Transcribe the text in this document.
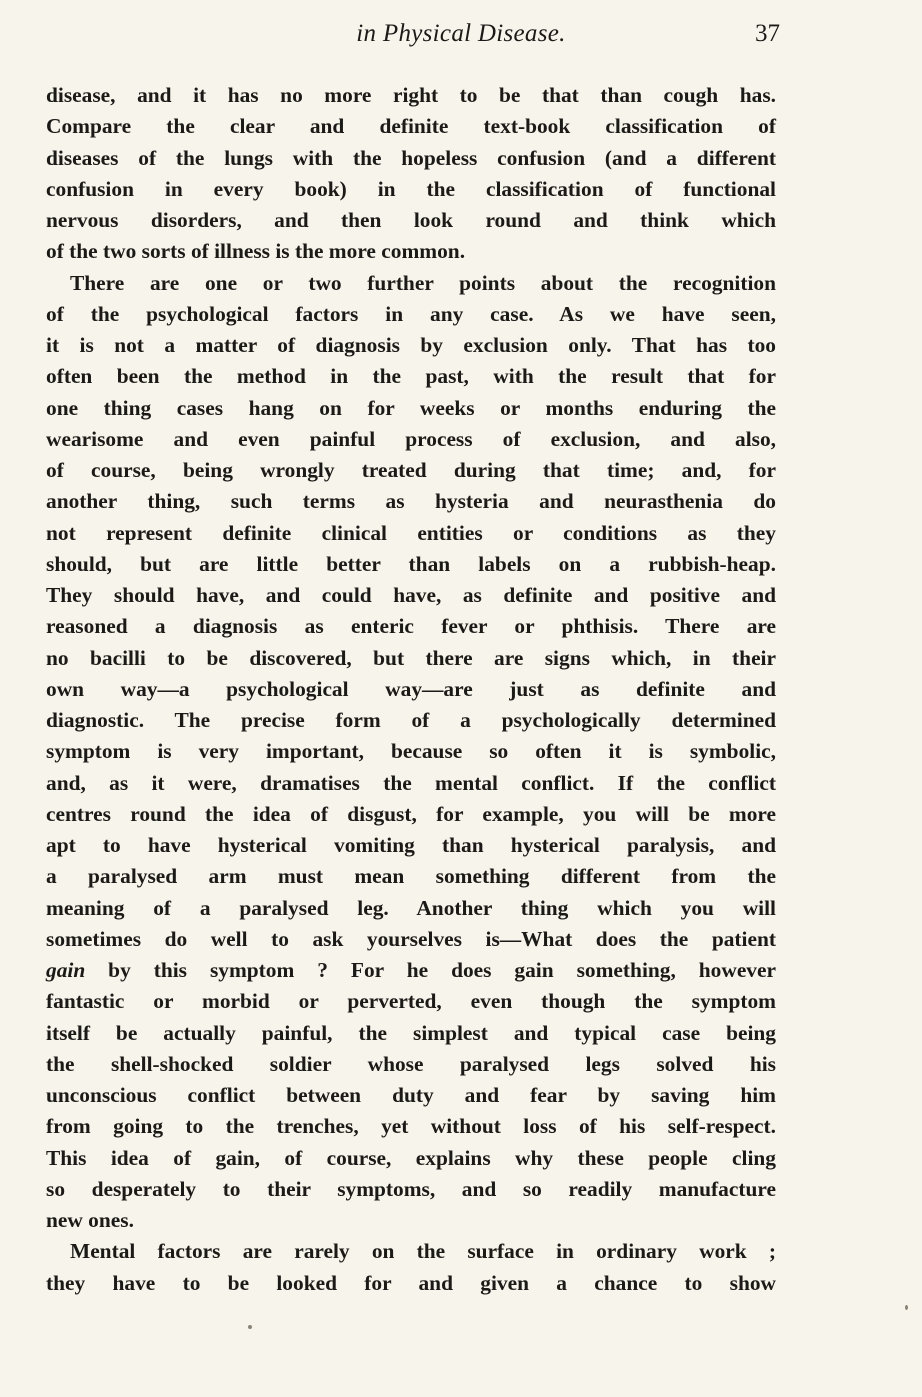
in Physical Disease.	37
disease, and it has no more right to be that than cough has.
Compare the clear and definite text-book classification of
diseases of the lungs with the hopeless confusion (and a different
confusion in every book) in the classification of functional
nervous disorders, and then look round and think which
of the two sorts of illness is the more common.
There are one or two further points about the recognition
of the psychological factors in any case. As we have seen,
it is not a matter of diagnosis by exclusion only. That has too
often been the method in the past, with the result that for
one thing cases hang on for weeks or months enduring the
wearisome and even painful process of exclusion, and also,
of course, being wrongly treated during that time; and, for
another thing, such terms as hysteria and neurasthenia do
not represent definite clinical entities or conditions as they
should, but are little better than labels on a rubbish-heap.
They should have, and could have, as definite and positive and
reasoned a diagnosis as enteric fever or phthisis. There are
no bacilli to be discovered, but there are signs which, in their
own way—a psychological way—are just as definite and
diagnostic. The precise form of a psychologically determined
symptom is very important, because so often it is symbolic,
and, as it were, dramatises the mental conflict. If the conflict
centres round the idea of disgust, for example, you will be more
apt to have hysterical vomiting than hysterical paralysis, and
a paralysed arm must mean something different from the
meaning of a paralysed leg. Another thing which you will
sometimes do well to ask yourselves is—What does the patient
gain by this symptom ? For he does gain something, however
fantastic or morbid or perverted, even though the symptom
itself be actually painful, the simplest and typical case being
the shell-shocked soldier whose paralysed legs solved his
unconscious conflict between duty and fear by saving him
from going to the trenches, yet without loss of his self-respect.
This idea of gain, of course, explains why these people cling
so desperately to their symptoms, and so readily manufacture
new ones.
Mental factors are rarely on the surface in ordinary work ;
they have to be looked for and given a chance to show
